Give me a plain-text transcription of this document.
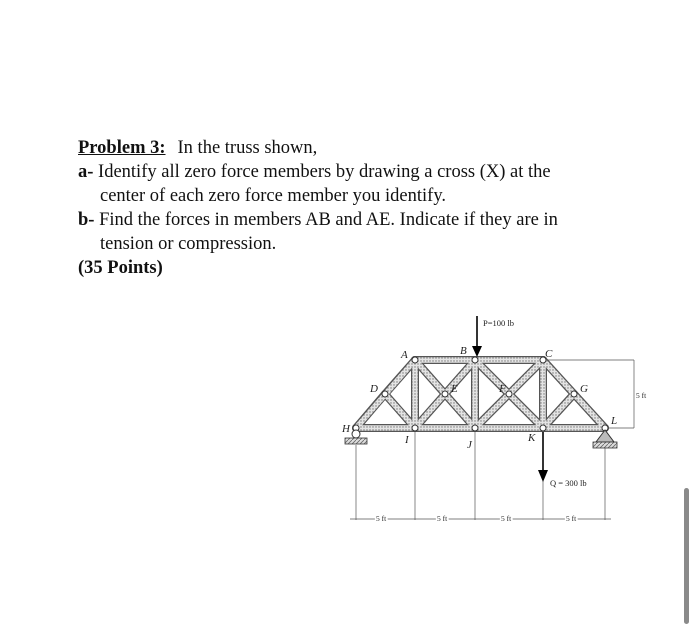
Problem 3: In the truss shown,
a- Identify all zero force members by drawing a cross (X) at the
center of each zero force member you identify.
b- Find the forces in members AB and AE. Indicate if they are in
tension or compression.
(35 Points)
A	B	C
D	E	F	G
H
I	J
K
L
P=100 lb
Q = 300 lb
5 ft
5 ft	5 ft	5 ft	5 ft
